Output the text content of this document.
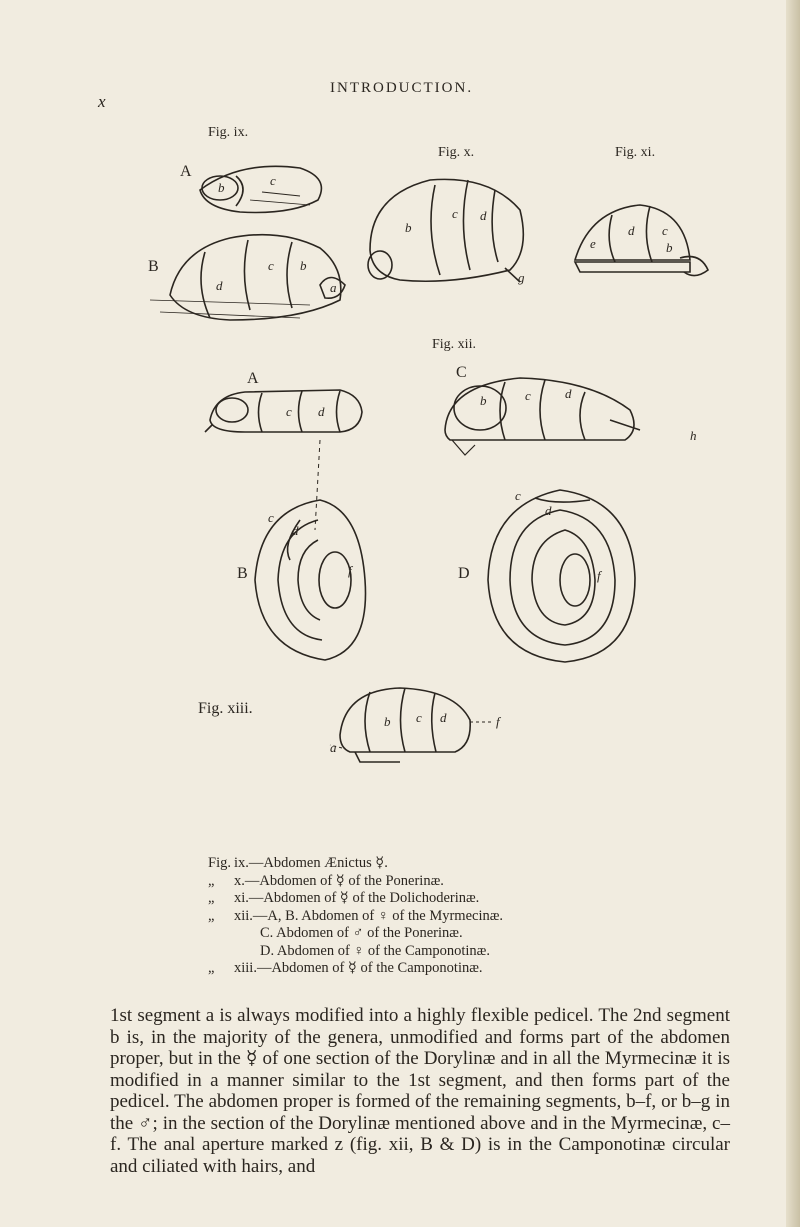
x
INTRODUCTION.
Fig. ix.
Fig. x.	Fig. xi.
Fig. xii.
Fig. xiii.
A
B
A	C
B	D
b	c
d
c b
a
b
c d
g
d c
b
e
c d
b	c	d
h
c
d
f
c
d
f
b c d	f
a
Fig. ix.—Abdomen Ænictus ☿.
„ x.—Abdomen of ☿ of the Ponerinæ.
„ xi.—Abdomen of ☿ of the Dolichoderinæ.
„ xii.—A, B. Abdomen of ♀ of the Myrmecinæ.
C. Abdomen of ♂ of the Ponerinæ.
D. Abdomen of ♀ of the Camponotinæ.
„ xiii.—Abdomen of ☿ of the Camponotinæ.
1st segment a is always modified into a highly flexible pedicel. The 2nd segment b is, in the majority of the genera, unmodified and forms part of the abdomen proper, but in the ☿ of one section of the Dorylinæ and in all the Myrmecinæ it is modified in a manner similar to the 1st segment, and then forms part of the pedicel. The abdomen proper is formed of the remaining segments, b–f, or b–g in the ♂; in the section of the Dorylinæ mentioned above and in the Myrmecinæ, c–f. The anal aperture marked z (fig. xii, B & D) is in the Camponotinæ circular and ciliated with hairs, and
